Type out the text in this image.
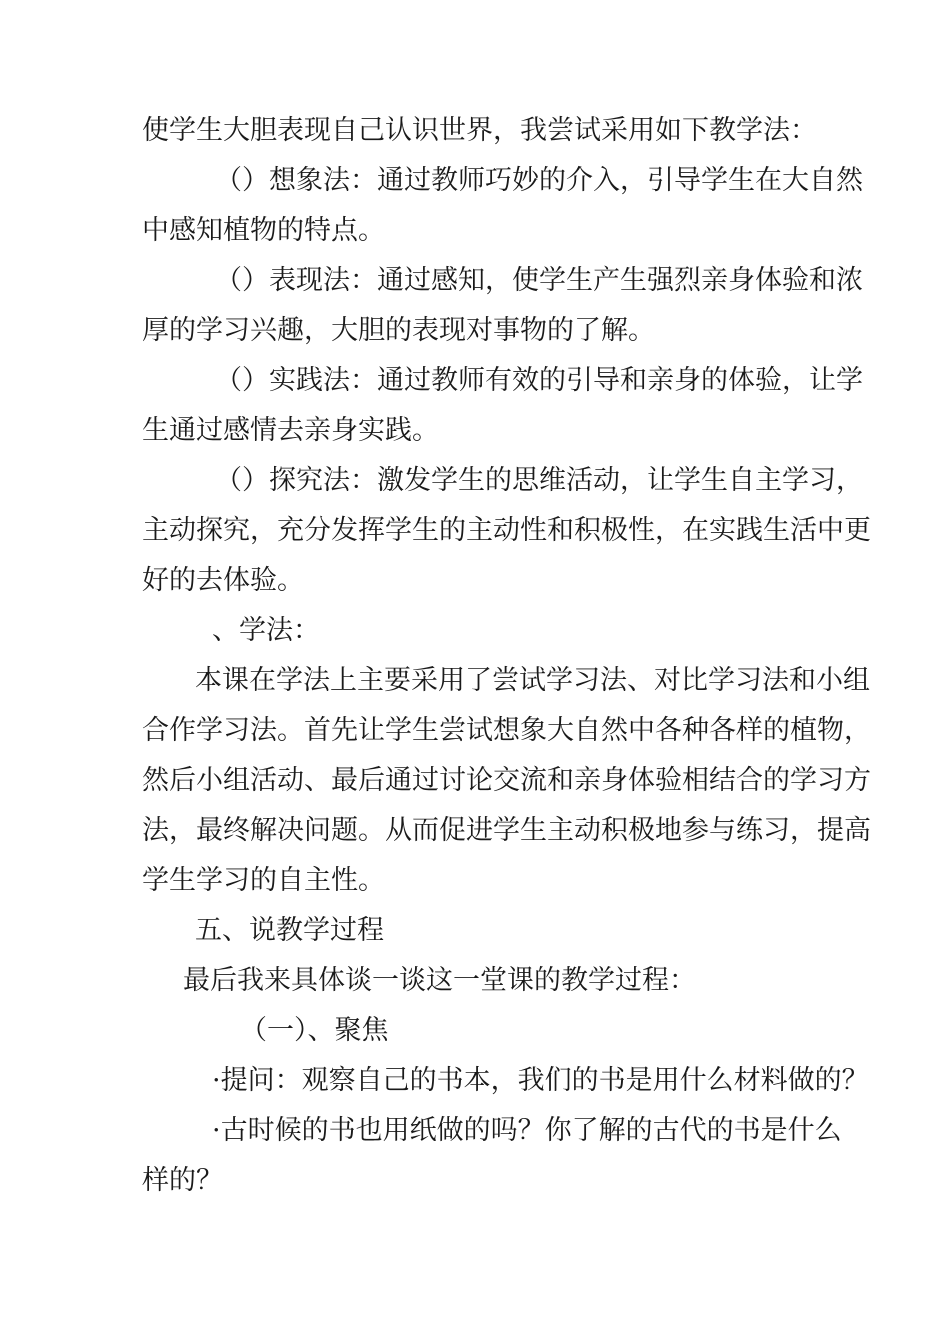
使学生大胆表现自己认识世界，我尝试采用如下教学法：
（）想象法：通过教师巧妙的介入，引导学生在大自然
中感知植物的特点。
（）表现法：通过感知，使学生产生强烈亲身体验和浓
厚的学习兴趣，大胆的表现对事物的了解。
（）实践法：通过教师有效的引导和亲身的体验，让学
生通过感情去亲身实践。
（）探究法：激发学生的思维活动，让学生自主学习，
主动探究，充分发挥学生的主动性和积极性，在实践生活中更
好的去体验。
、学法：
本课在学法上主要采用了尝试学习法、对比学习法和小组
合作学习法。首先让学生尝试想象大自然中各种各样的植物，
然后小组活动、最后通过讨论交流和亲身体验相结合的学习方
法，最终解决问题。从而促进学生主动积极地参与练习，提高
学生学习的自主性。
五、说教学过程
最后我来具体谈一谈这一堂课的教学过程：
（一）、聚焦
·提问：观察自己的书本，我们的书是用什么材料做的？
·古时候的书也用纸做的吗？你了解的古代的书是什么
样的？
